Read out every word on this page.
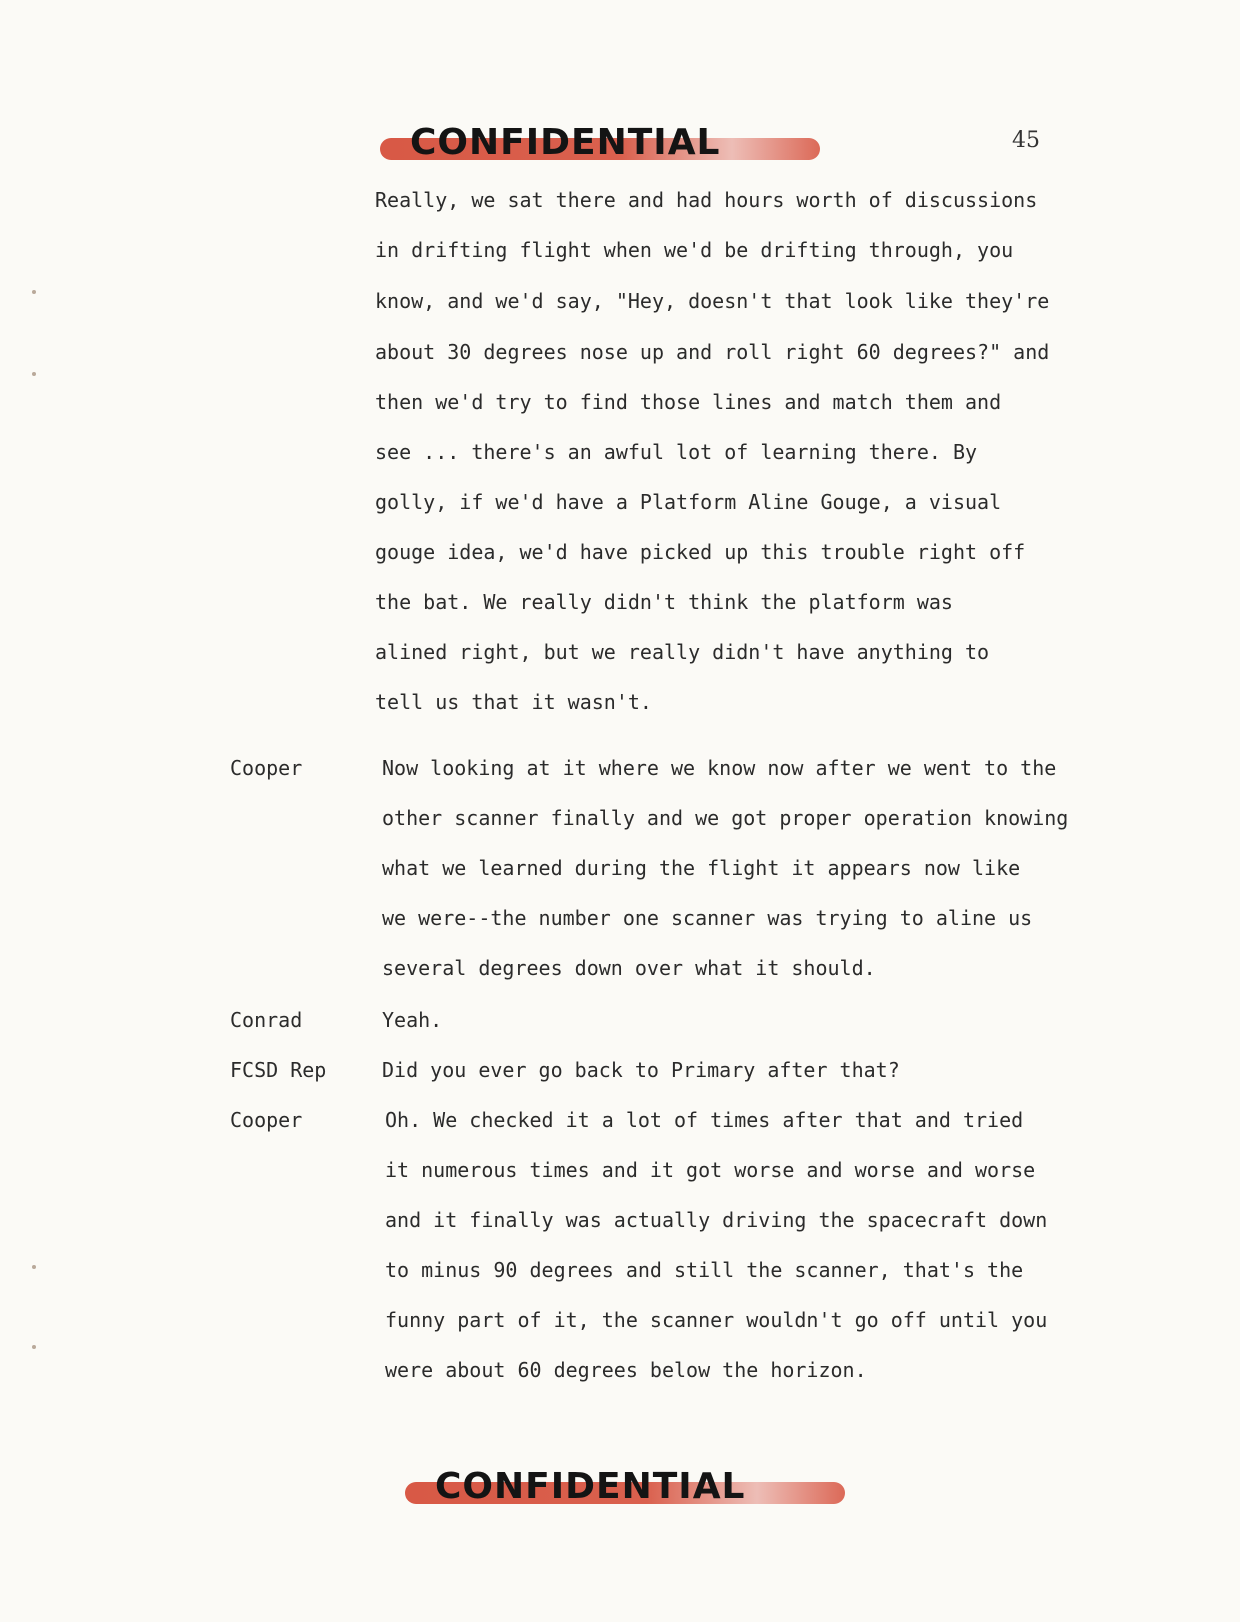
CONFIDENTIAL	45
Really, we sat there and had hours worth of discussions
in drifting flight when we'd be drifting through, you
know, and we'd say, "Hey, doesn't that look like they're
about 30 degrees nose up and roll right 60 degrees?" and
then we'd try to find those lines and match them and
see ... there's an awful lot of learning there. By
golly, if we'd have a Platform Aline Gouge, a visual
gouge idea, we'd have picked up this trouble right off
the bat. We really didn't think the platform was
alined right, but we really didn't have anything to
tell us that it wasn't.
Cooper	Now looking at it where we know now after we went to the
other scanner finally and we got proper operation knowing
what we learned during the flight it appears now like
we were--the number one scanner was trying to aline us
several degrees down over what it should.
Conrad	Yeah.
FCSD Rep	Did you ever go back to Primary after that?
Cooper	Oh. We checked it a lot of times after that and tried
it numerous times and it got worse and worse and worse
and it finally was actually driving the spacecraft down
to minus 90 degrees and still the scanner, that's the
funny part of it, the scanner wouldn't go off until you
were about 60 degrees below the horizon.
CONFIDENTIAL
